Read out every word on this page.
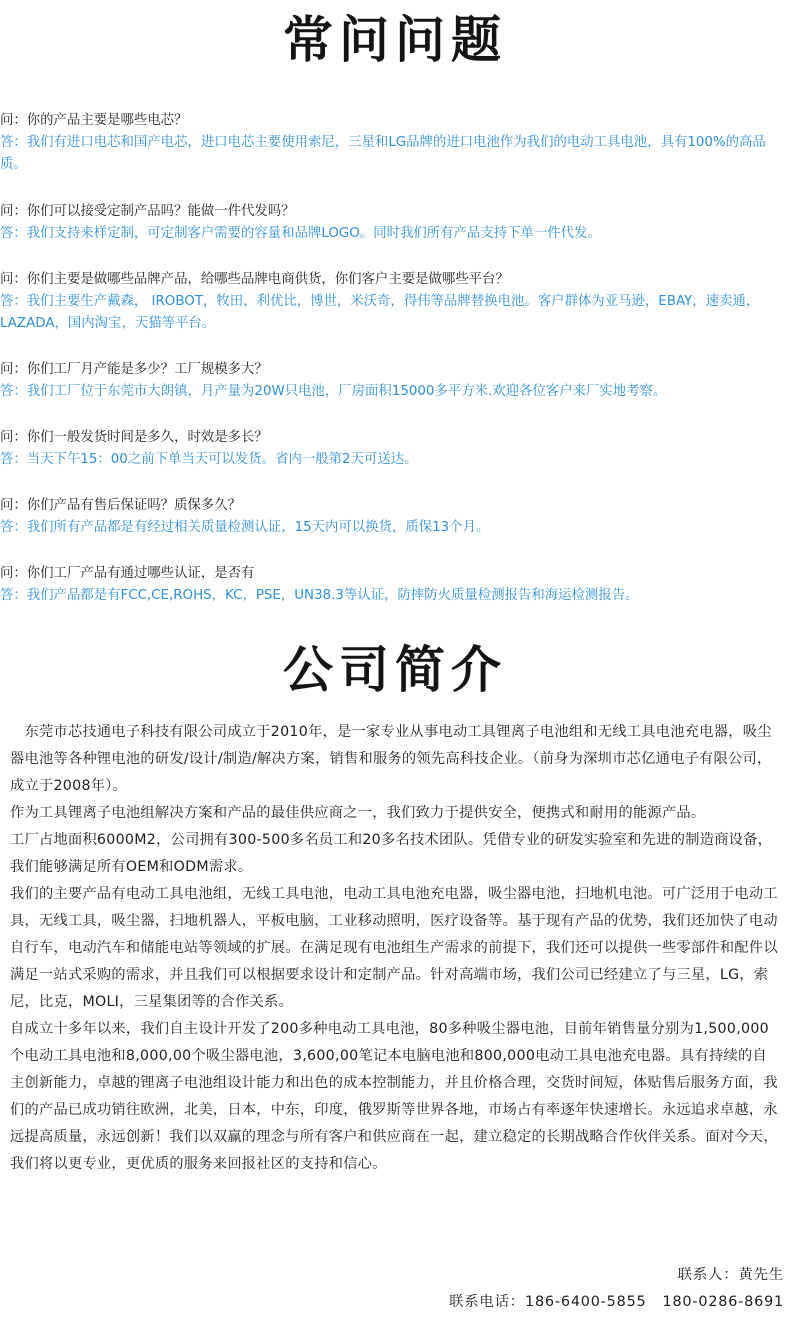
常问问题
问：你的产品主要是哪些电芯？
答：我们有进口电芯和国产电芯，进口电芯主要使用索尼，三星和LG品牌的进口电池作为我们的电动工具电池，具有100%的高品质。
问：你们可以接受定制产品吗？能做一件代发吗？
答：我们支持来样定制，可定制客户需要的容量和品牌LOGO。同时我们所有产品支持下单一件代发。
问：你们主要是做哪些品牌产品，给哪些品牌电商供货，你们客户主要是做哪些平台？
答：我们主要生产戴森， IROBOT，牧田，利优比，博世，米沃奇，得伟等品牌替换电池。客户群体为亚马逊，EBAY，速卖通，LAZADA，国内淘宝，天猫等平台。
问：你们工厂月产能是多少？工厂规模多大？
答：我们工厂位于东莞市大朗镇，月产量为20W只电池，厂房面积15000多平方米.欢迎各位客户来厂实地考察。
问：你们一般发货时间是多久，时效是多长？
答：当天下午15：00之前下单当天可以发货。省内一般第2天可送达。
问：你们产品有售后保证吗？质保多久？
答：我们所有产品都是有经过相关质量检测认证，15天内可以换货，质保13个月。
问：你们工厂产品有通过哪些认证，是否有
答：我们产品都是有FCC,CE,ROHS，KC，PSE，UN38.3等认证，防摔防火质量检测报告和海运检测报告。
公司简介

　东莞市芯技通电子科技有限公司成立于2010年，是一家专业从事电动工具锂离子电池组和无线工具电池充电器，吸尘器电池等各种锂电池的研发/设计/制造/解决方案，销售和服务的领先高科技企业。（前身为深圳市芯亿通电子有限公司，成立于2008年）。

作为工具锂离子电池组解决方案和产品的最佳供应商之一，我们致力于提供安全，便携式和耐用的能源产品。

工厂占地面积6000M2，公司拥有300-500多名员工和20多名技术团队。凭借专业的研发实验室和先进的制造商设备，我们能够满足所有OEM和ODM需求。

我们的主要产品有电动工具电池组，无线工具电池，电动工具电池充电器，吸尘器电池，扫地机电池。可广泛用于电动工具，无线工具，吸尘器，扫地机器人，平板电脑，工业移动照明，医疗设备等。基于现有产品的优势，我们还加快了电动自行车，电动汽车和储能电站等领域的扩展。在满足现有电池组生产需求的前提下，我们还可以提供一些零部件和配件以满足一站式采购的需求，并且我们可以根据要求设计和定制产品。针对高端市场，我们公司已经建立了与三星，LG，索尼，比克，MOLI，三星集团等的合作关系。

自成立十多年以来，我们自主设计开发了200多种电动工具电池，80多种吸尘器电池，目前年销售量分别为1,500,000个电动工具电池和8,000,00个吸尘器电池，3,600,00笔记本电脑电池和800,000电动工具电池充电器。具有持续的自主创新能力，卓越的锂离子电池组设计能力和出色的成本控制能力，并且价格合理，交货时间短，体贴售后服务方面，我们的产品已成功销往欧洲，北美，日本，中东，印度，俄罗斯等世界各地，市场占有率逐年快速增长。永远追求卓越，永远提高质量，永远创新！我们以双赢的理念与所有客户和供应商在一起，建立稳定的长期战略合作伙伴关系。面对今天，我们将以更专业，更优质的服务来回报社区的支持和信心。

联系人：黄先生
联系电话：186-6400-5855 180-0286-8691
